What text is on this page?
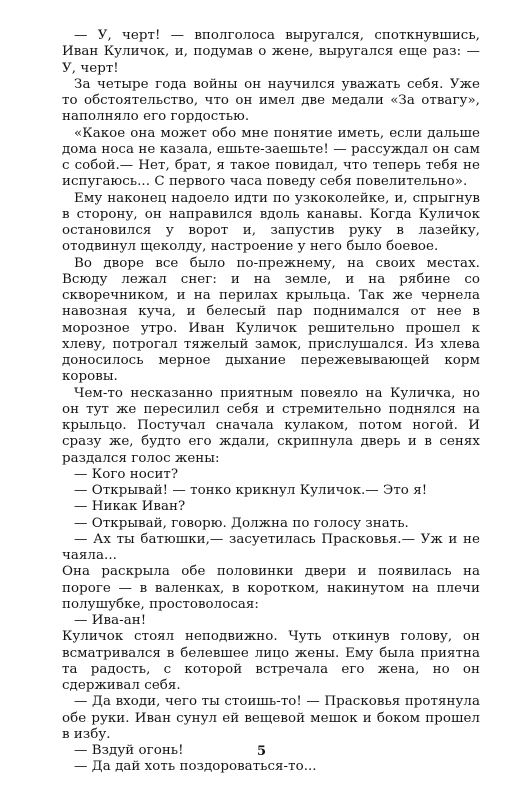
— У, черт! — вполголоса выругался, споткнувшись, Иван Куличок, и, подумав о жене, выругался еще раз: — У, черт!

За четыре года войны он научился уважать себя. Уже то обстоятельство, что он имел две медали «За отвагу», наполняло его гордостью.

«Какое она может обо мне понятие иметь, если дальше дома носа не казала, ешьте-заешьте! — рассуждал он сам с собой.— Нет, брат, я такое повидал, что теперь тебя не испугаюсь... С первого часа поведу себя повелительно».

Ему наконец надоело идти по узкоколейке, и, спрыгнув в сторону, он направился вдоль канавы. Когда Куличок остановился у ворот и, запустив руку в лазейку, отодвинул щеколду, настроение у него было боевое.

Во дворе все было по-прежнему, на своих местах. Всюду лежал снег: и на земле, и на рябине со скворечником, и на перилах крыльца. Так же чернела навозная куча, и белесый пар поднимался от нее в морозное утро. Иван Куличок решительно прошел к хлеву, потрогал тяжелый замок, прислушался. Из хлева доносилось мерное дыхание пережевывающей корм коровы.

Чем-то несказанно приятным повеяло на Куличка, но он тут же пересилил себя и стремительно поднялся на крыльцо. Постучал сначала кулаком, потом ногой. И сразу же, будто его ждали, скрипнула дверь и в сенях раздался голос жены:

— Кого носит?

— Открывай! — тонко крикнул Куличок.— Это я!

— Никак Иван?

— Открывай, говорю. Должна по голосу знать.

— Ах ты батюшки,— засуетилась Прасковья.— Уж и не чаяла...

Она раскрыла обе половинки двери и появилась на пороге — в валенках, в коротком, накинутом на плечи полушубке, простоволосая:

— Ива-ан!

Куличок стоял неподвижно. Чуть откинув голову, он всматривался в белевшее лицо жены. Ему была приятна та радость, с которой встречала его жена, но он сдерживал себя.

— Да входи, чего ты стоишь-то! — Прасковья протянула обе руки. Иван сунул ей вещевой мешок и боком прошел в избу.

— Вздуй огонь!

— Да дай хоть поздороваться-то...

5
